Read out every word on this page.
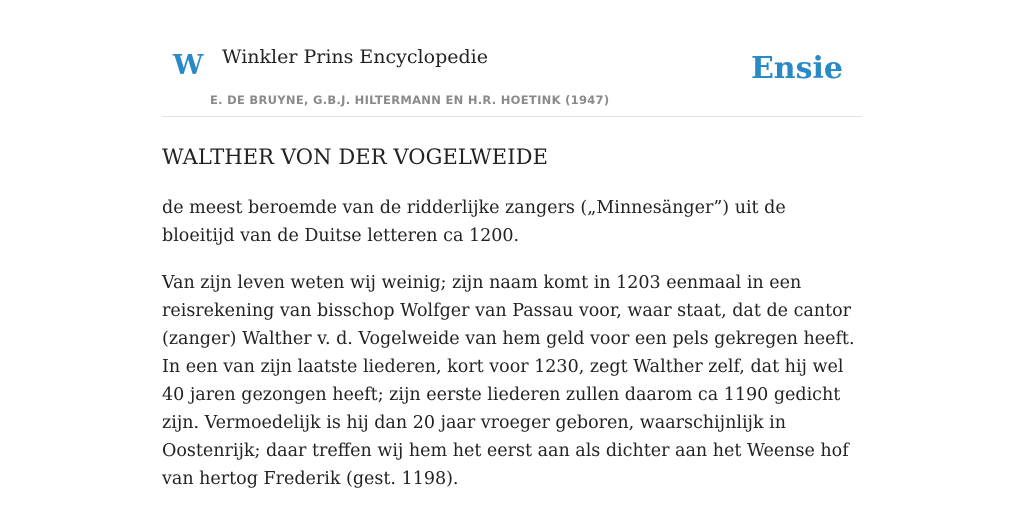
W Winkler Prins Encyclopedie
E. DE BRUYNE, G.B.J. HILTERMANN EN H.R. HOETINK (1947)
Ensie
WALTHER VON DER VOGELWEIDE

de meest beroemde van de ridderlijke zangers („Minnesänger”) uit de bloeitijd van de Duitse letteren ca 1200.

Van zijn leven weten wij weinig; zijn naam komt in 1203 eenmaal in een reisrekening van bisschop Wolfger van Passau voor, waar staat, dat de cantor (zanger) Walther v. d. Vogelweide van hem geld voor een pels gekregen heeft. In een van zijn laatste liederen, kort voor 1230, zegt Walther zelf, dat hij wel 40 jaren gezongen heeft; zijn eerste liederen zullen daarom ca 1190 gedicht zijn. Vermoedelijk is hij dan 20 jaar vroeger geboren, waarschijnlijk in Oostenrijk; daar treffen wij hem het eerst aan als dichter aan het Weense hof van hertog Frederik (gest. 1198).
